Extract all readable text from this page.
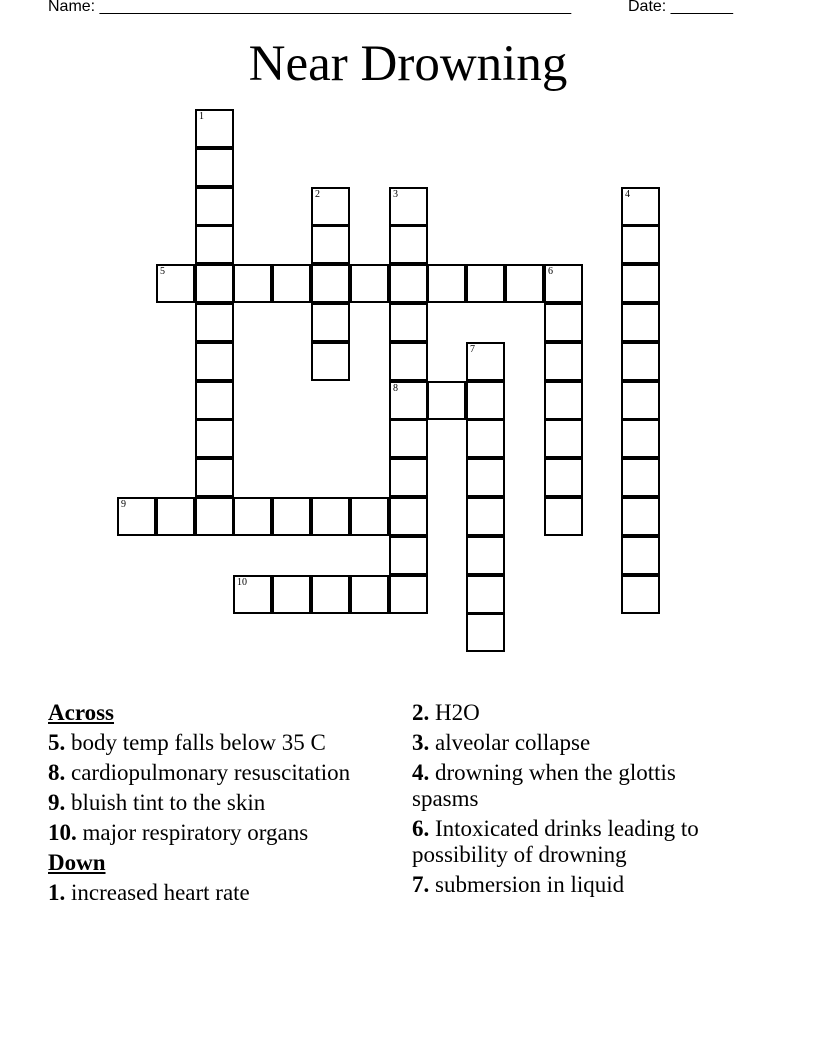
Name: _____________________________________________________	Date: _______
Near Drowning
1
2	3	4
5	6
7
8
9
10
Across
5. body temp falls below 35 C
8. cardiopulmonary resuscitation
9. bluish tint to the skin
10. major respiratory organs
Down
1. increased heart rate
2. H2O
3. alveolar collapse
4. drowning when the glottis spasms
6. Intoxicated drinks leading to possibility of drowning
7. submersion in liquid
